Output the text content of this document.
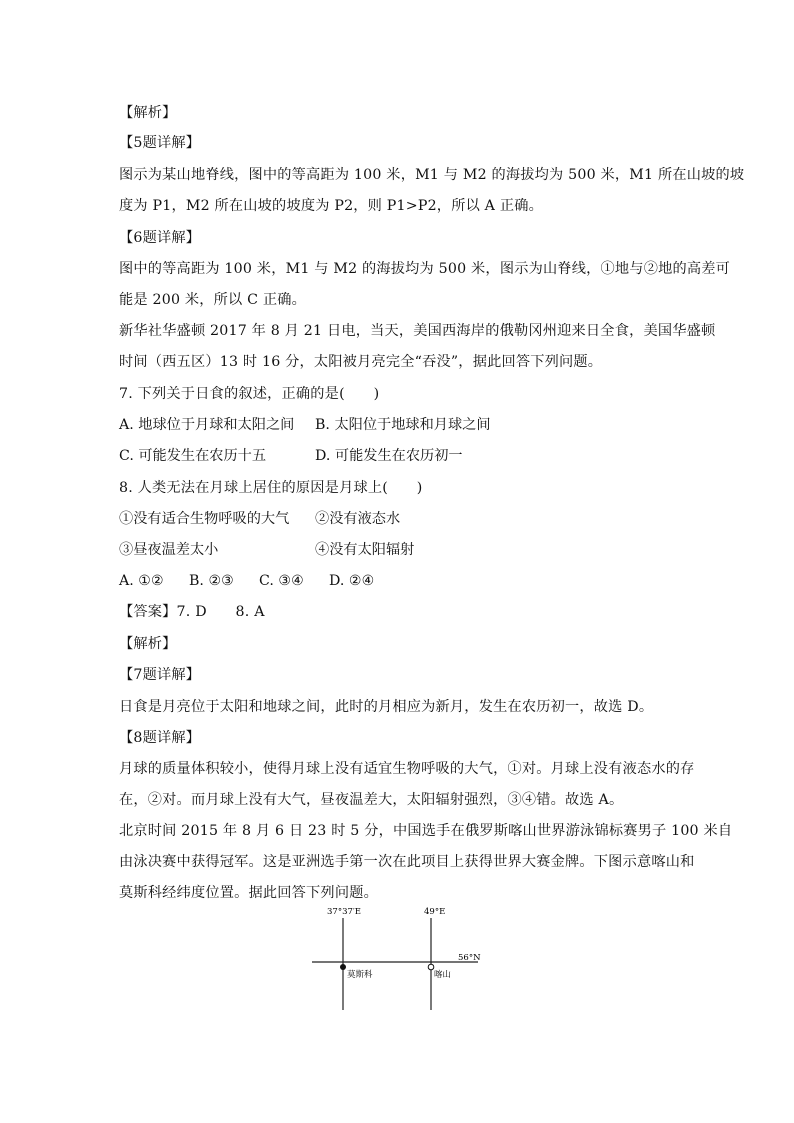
【解析】
【5题详解】
图示为某山地脊线，图中的等高距为 100 米，M1 与 M2 的海拔均为 500 米，M1 所在山坡的坡
度为 P1，M2 所在山坡的坡度为 P2，则 P1>P2，所以 A 正确。
【6题详解】
图中的等高距为 100 米，M1 与 M2 的海拔均为 500 米，图示为山脊线，①地与②地的高差可
能是 200 米，所以 C 正确。
新华社华盛顿 2017 年 8 月 21 日电，当天，美国西海岸的俄勒冈州迎来日全食，美国华盛顿
时间（西五区）13 时 16 分，太阳被月亮完全“吞没”，据此回答下列问题。
7. 下列关于日食的叙述，正确的是(　　)
A. 地球位于月球和太阳之间 B. 太阳位于地球和月球之间
C. 可能发生在农历十五	D. 可能发生在农历初一
8. 人类无法在月球上居住的原因是月球上(　　)
①没有适合生物呼吸的大气 ②没有液态水
③昼夜温差太小	④没有太阳辐射
A. ①② B. ②③ C. ③④ D. ②④
【答案】7. D　　8. A
【解析】
【7题详解】
日食是月亮位于太阳和地球之间，此时的月相应为新月，发生在农历初一，故选 D。
【8题详解】
月球的质量体积较小，使得月球上没有适宜生物呼吸的大气，①对。月球上没有液态水的存
在，②对。而月球上没有大气，昼夜温差大，太阳辐射强烈，③④错。故选 A。
北京时间 2015 年 8 月 6 日 23 时 5 分，中国选手在俄罗斯喀山世界游泳锦标赛男子 100 米自
由泳决赛中获得冠军。这是亚洲选手第一次在此项目上获得世界大赛金牌。下图示意喀山和
莫斯科经纬度位置。据此回答下列问题。
37°37′E	49°E
56°N
莫斯科	喀山
